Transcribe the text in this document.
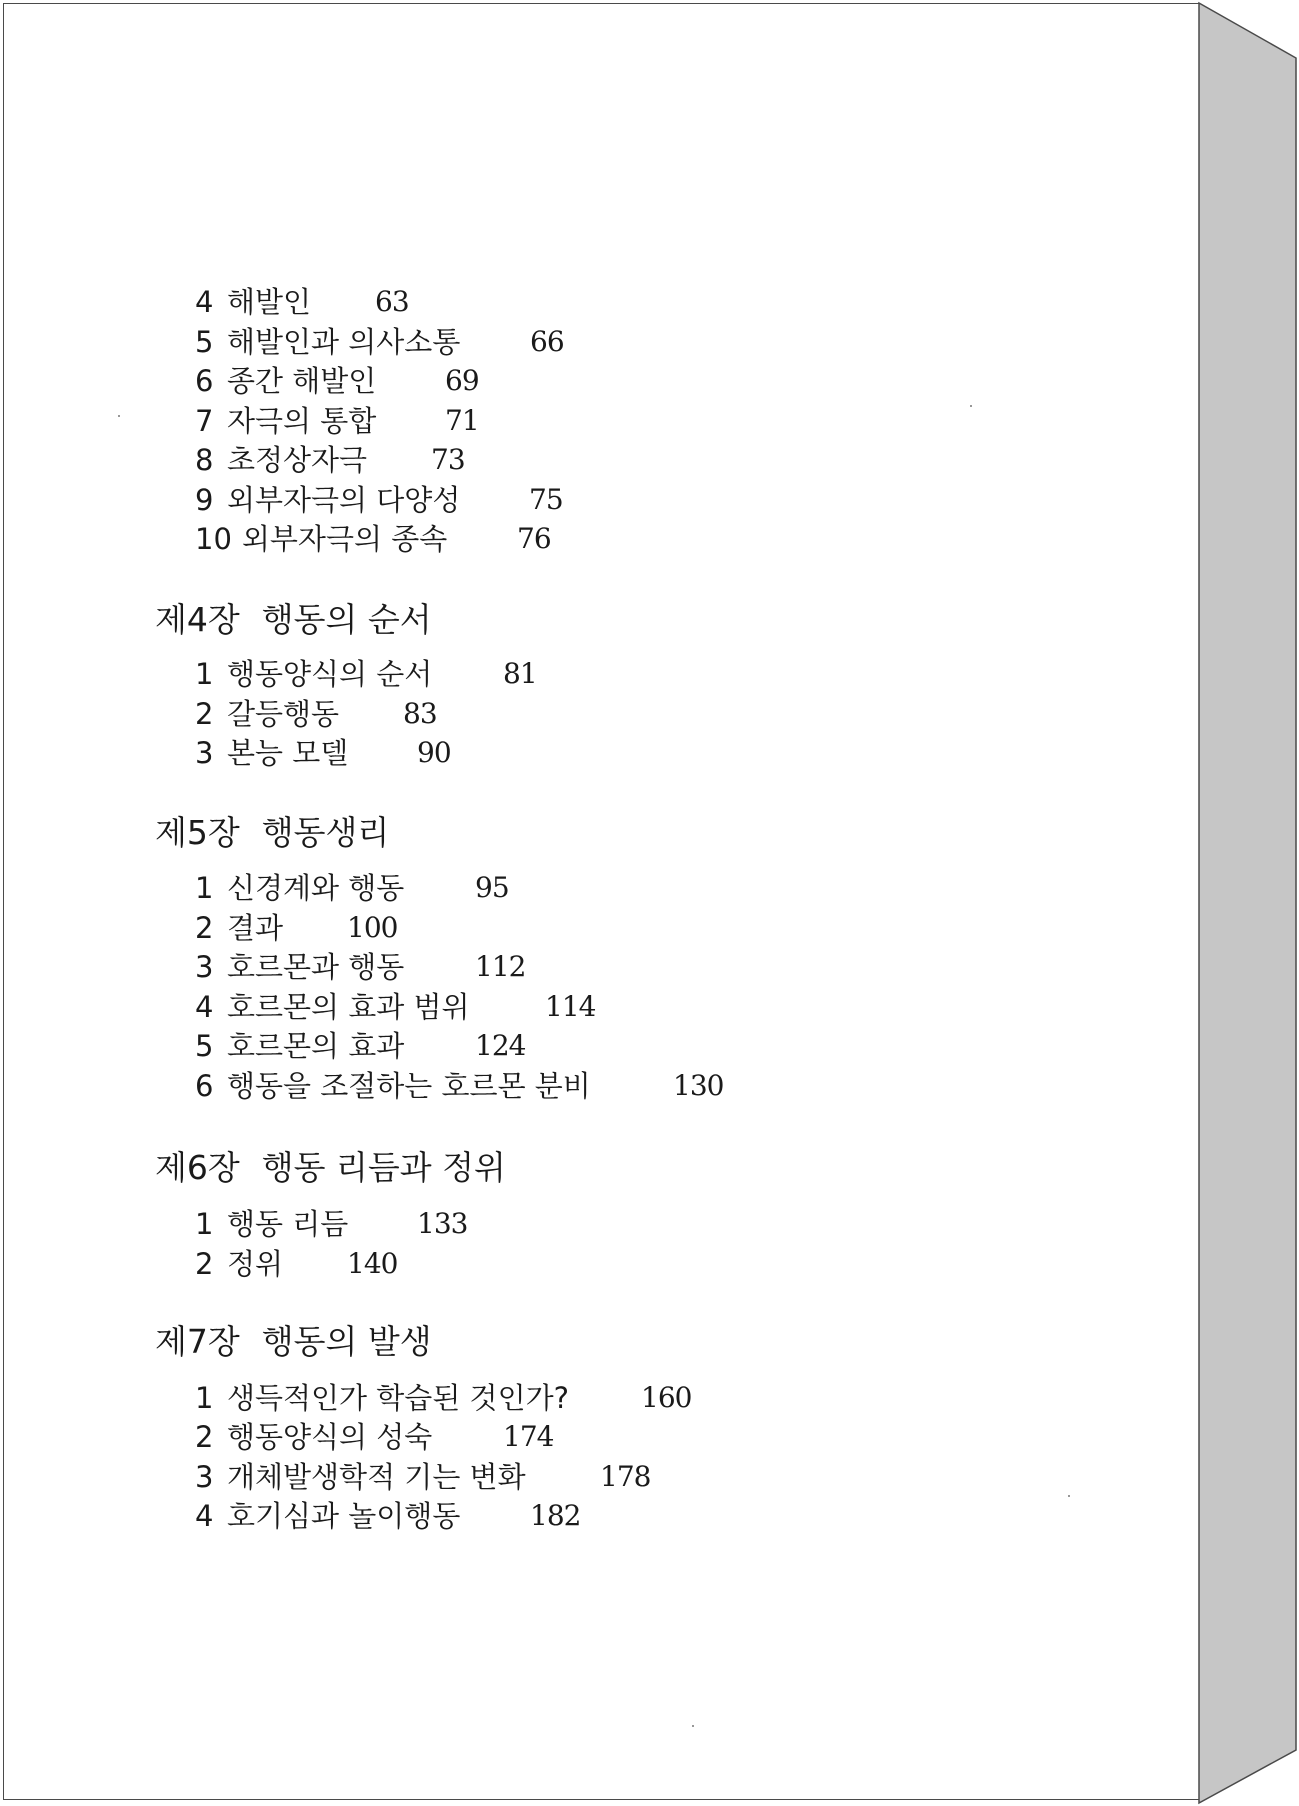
4 해발인 63
5 해발인과 의사소통 66
6 종간 해발인 69
7 자극의 통합 71
8 초정상자극 73
9 외부자극의 다양성 75
10 외부자극의 종속 76
제4장 행동의 순서
1 행동양식의 순서	81
2 갈등행동 83
3 본능 모델 90
제5장 행동생리
1 신경계와 행동	95
2 결과 100
3 호르몬과 행동	112
4 호르몬의 효과 범위	114
5 호르몬의 효과	124
6 행동을 조절하는 호르몬 분비	130
제6장 행동 리듬과 정위
1 행동 리듬 133
2 정위 140
제7장 행동의 발생
1 생득적인가 학습된 것인가?	160
2 행동양식의 성숙	174
3 개체발생학적 기는 변화	178
4 호기심과 놀이행동 182
